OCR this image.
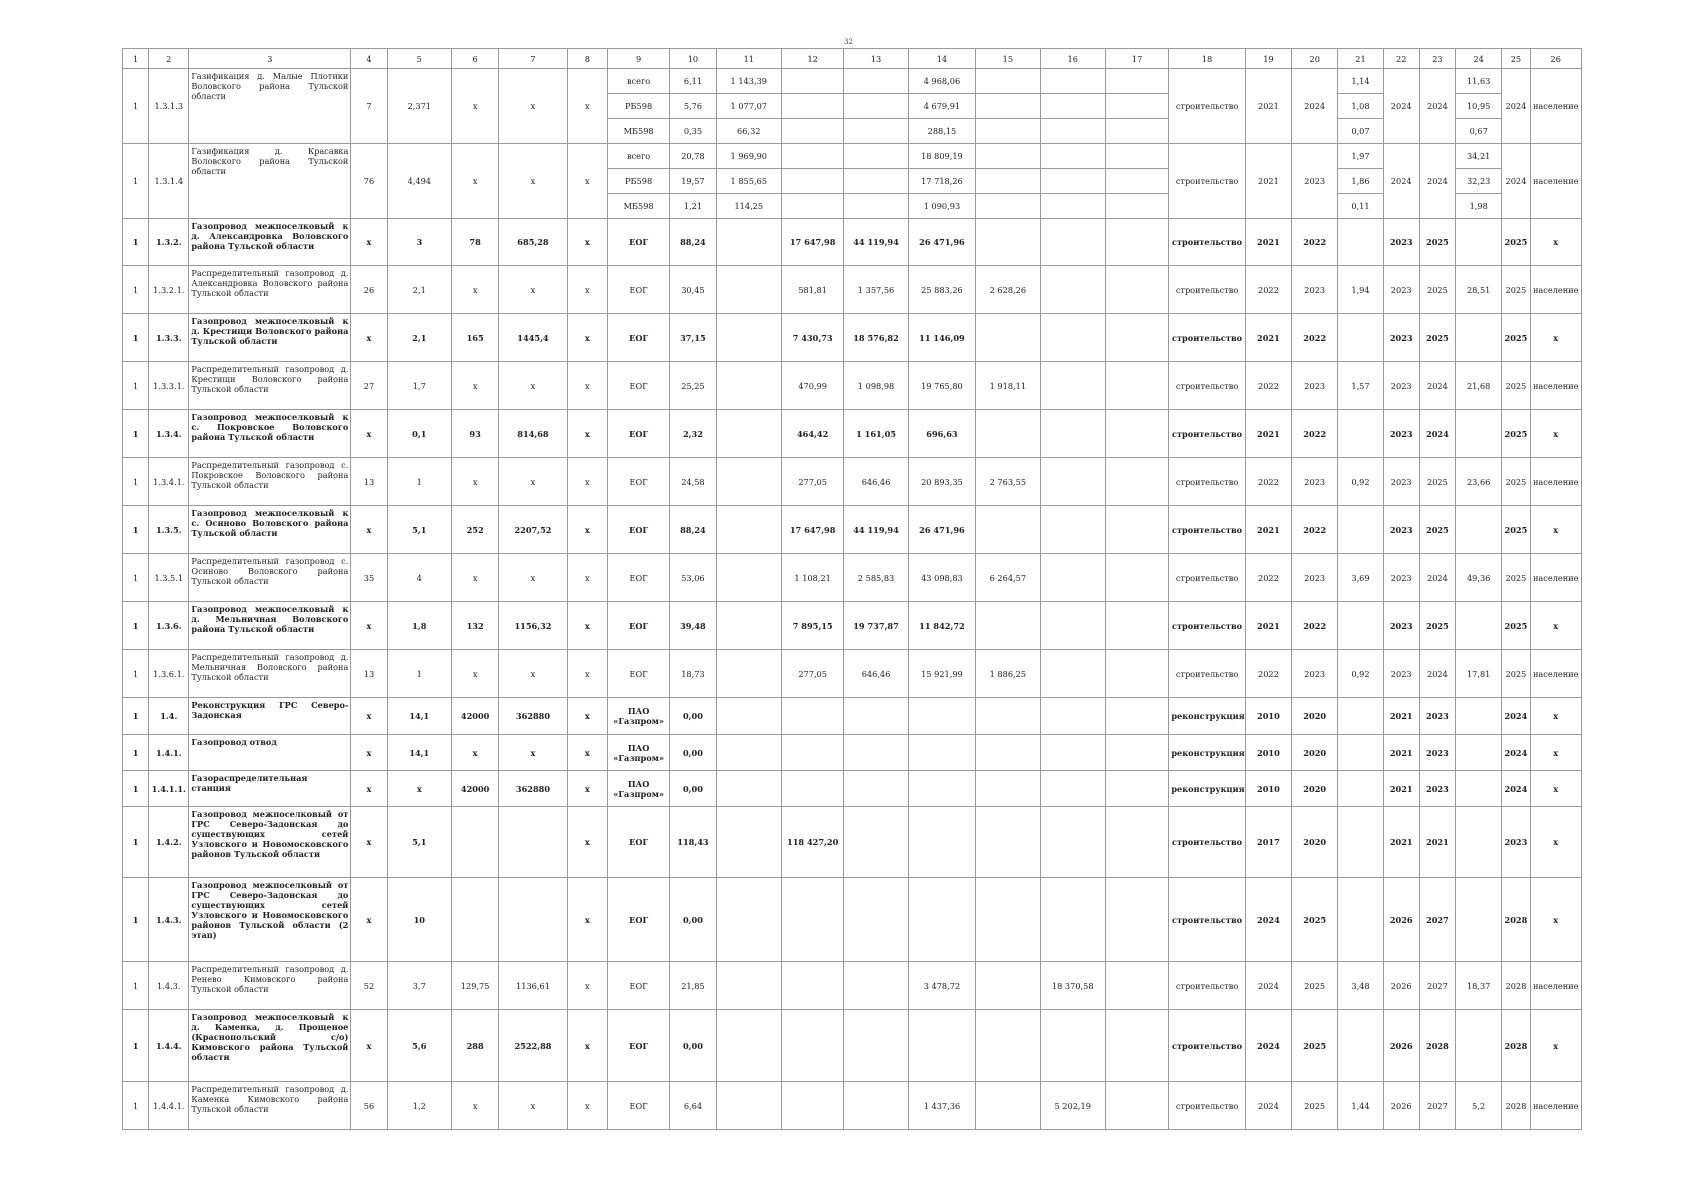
32
1	2	3	4	5	6	7	8	9	10	11	12	13	14	15	16	17	18	19	20	21	22	23	24	25	26
1	1.3.1.3	Газификация д. Малые Плотики Воловского района Тульской области	7	2,371	х	х	х	всего	6,11	1 143,39			4 968,06				строительство	2021	2024	1,14	2024	2024	11,63	2024	население
								РБ598	5,76	1 077,07			4 679,91							1,08			10,95		
								МБ598	0,35	66,32			288,15							0,07			0,67		
1	1.3.1.4	Газификация д. Красавка Воловского района Тульской области	76	4,494	х	х	х	всего	20,78	1 969,90			18 809,19				строительство	2021	2023	1,97	2024	2024	34,21	2024	население
								РБ598	19,57	1 855,65			17 718,26							1,86			32,23		
								МБ598	1,21	114,25			1 090,93							0,11			1,98		
1	1.3.2.	Газопровод межпоселковый к д. Александровка Воловского района Тульской области	х	3	78	685,28	х	ЕОГ	88,24		17 647,98	44 119,94	26 471,96				строительство	2021	2022		2023	2025		2025	х
1	1.3.2.1.	Распределительный газопровод д. Александровка Воловского района Тульской области	26	2,1	х	х	х	ЕОГ	30,45		581,81	1 357,56	25 883,26	2 628,26			строительство	2022	2023	1,94	2023	2025	28,51	2025	население
1	1.3.3.	Газопровод межпоселковый к д. Крестищи Воловского района Тульской области	х	2,1	165	1445,4	х	ЕОГ	37,15		7 430,73	18 576,82	11 146,09				строительство	2021	2022		2023	2025		2025	х
1	1.3.3.1.	Распределительный газопровод д. Крестищи Воловского района Тульской области	27	1,7	х	х	х	ЕОГ	25,25		470,99	1 098,98	19 765,80	1 918,11			строительство	2022	2023	1,57	2023	2024	21,68	2025	население
1	1.3.4.	Газопровод межпоселковый к с. Покровское Воловского района Тульской области	х	0,1	93	814,68	х	ЕОГ	2,32		464,42	1 161,05	696,63				строительство	2021	2022		2023	2024		2025	х
1	1.3.4.1.	Распределительный газопровод с. Покровское Воловского района Тульской области	13	1	х	х	х	ЕОГ	24,58		277,05	646,46	20 893,35	2 763,55			строительство	2022	2023	0,92	2023	2025	23,66	2025	население
1	1.3.5.	Газопровод межпоселковый к с. Осиново Воловского района Тульской области	х	5,1	252	2207,52	х	ЕОГ	88,24		17 647,98	44 119,94	26 471,96				строительство	2021	2022		2023	2025		2025	х
1	1.3.5.1	Распределительный газопровод с. Осиново Воловского района Тульской области	35	4	х	х	х	ЕОГ	53,06		1 108,21	2 585,83	43 098,83	6 264,57			строительство	2022	2023	3,69	2023	2024	49,36	2025	население
1	1.3.6.	Газопровод межпоселковый к д. Мельничная Воловского района Тульской области	х	1,8	132	1156,32	х	ЕОГ	39,48		7 895,15	19 737,87	11 842,72				строительство	2021	2022		2023	2025		2025	х
1	1.3.6.1.	Распределительный газопровод д. Мельничная Воловского района Тульской области	13	1	х	х	х	ЕОГ	18,73		277,05	646,46	15 921,99	1 886,25			строительство	2022	2023	0,92	2023	2024	17,81	2025	население
1	1.4.	Реконструкция ГРС Северо-Задонская	х	14,1	42000	362880	х	ПАО «Газпром»	0,00								реконструкция	2010	2020		2021	2023		2024	х
1	1.4.1.	Газопровод отвод	х	14,1	х	х	х	ПАО «Газпром»	0,00								реконструкция	2010	2020		2021	2023		2024	х
1	1.4.1.1.	Газораспределительная станция	х	х	42000	362880	х	ПАО «Газпром»	0,00								реконструкция	2010	2020		2021	2023		2024	х
1	1.4.2.	Газопровод межпоселковый от ГРС Северо-Задонская до существующих сетей Узловского и Новомосковского районов Тульской области	х	5,1			х	ЕОГ	118,43		118 427,20						строительство	2017	2020		2021	2021		2023	х
1	1.4.3.	Газопровод межпоселковый от ГРС Северо-Задонская до существующих сетей Узловского и Новомосковского районов Тульской области (2 этап)	х	10			х	ЕОГ	0,00								строительство	2024	2025		2026	2027		2028	х
1	1.4.3.	Распределительный газопровод д. Ренево Кимовского района Тульской области	52	3,7	129,75	1136,61	х	ЕОГ	21,85				3 478,72		18 370,58		строительство	2024	2025	3,48	2026	2027	18,37	2028	население
1	1.4.4.	Газопровод межпоселковый к д. Каменка, д. Прощеное (Краснопольский с/о) Кимовского района Тульской области	х	5,6	288	2522,88	х	ЕОГ	0,00								строительство	2024	2025		2026	2028		2028	х
1	1.4.4.1.	Распределительный газопровод д. Каменка Кимовского района Тульской области	56	1,2	х	х	х	ЕОГ	6,64				1 437,36		5 202,19		строительство	2024	2025	1,44	2026	2027	5,2	2028	население
